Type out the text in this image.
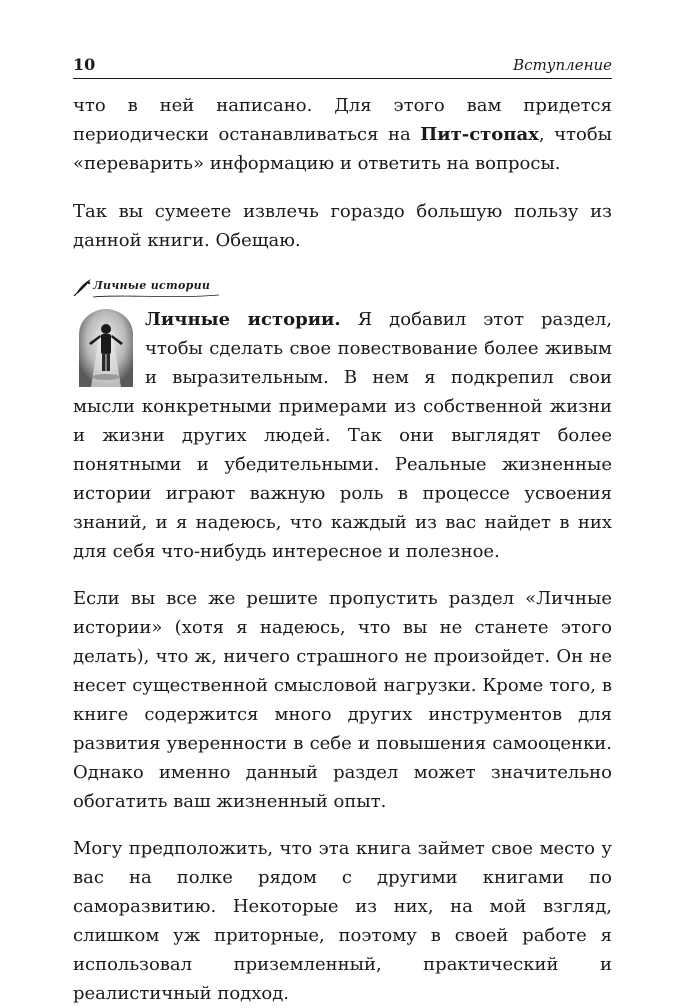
10	Вступление

что в ней написано. Для этого вам придется периодически останавливаться на Пит-стопах, чтобы «переварить» информацию и ответить на вопросы.

Так вы сумеете извлечь гораздо большую пользу из данной книги. Обещаю.

Личные истории

Личные истории. Я добавил этот раздел, чтобы сделать свое повествование более живым и выразительным. В нем я подкрепил свои мысли конкретными примерами из собственной жизни и жизни других людей. Так они выглядят более понятными и убедительными. Реальные жизненные истории играют важную роль в процессе усвоения знаний, и я надеюсь, что каждый из вас найдет в них для себя что-нибудь интересное и полезное.

Если вы все же решите пропустить раздел «Личные истории» (хотя я надеюсь, что вы не станете этого делать), что ж, ничего страшного не произойдет. Он не несет существенной смысловой нагрузки. Кроме того, в книге содержится много других инструментов для развития уверенности в себе и повышения самооценки. Однако именно данный раздел может значительно обогатить ваш жизненный опыт.

Могу предположить, что эта книга займет свое место у вас на полке рядом с другими книгами по саморазвитию. Некоторые из них, на мой взгляд, слишком уж приторные, поэтому в своей работе я использовал приземленный, практический и реалистичный подход.
